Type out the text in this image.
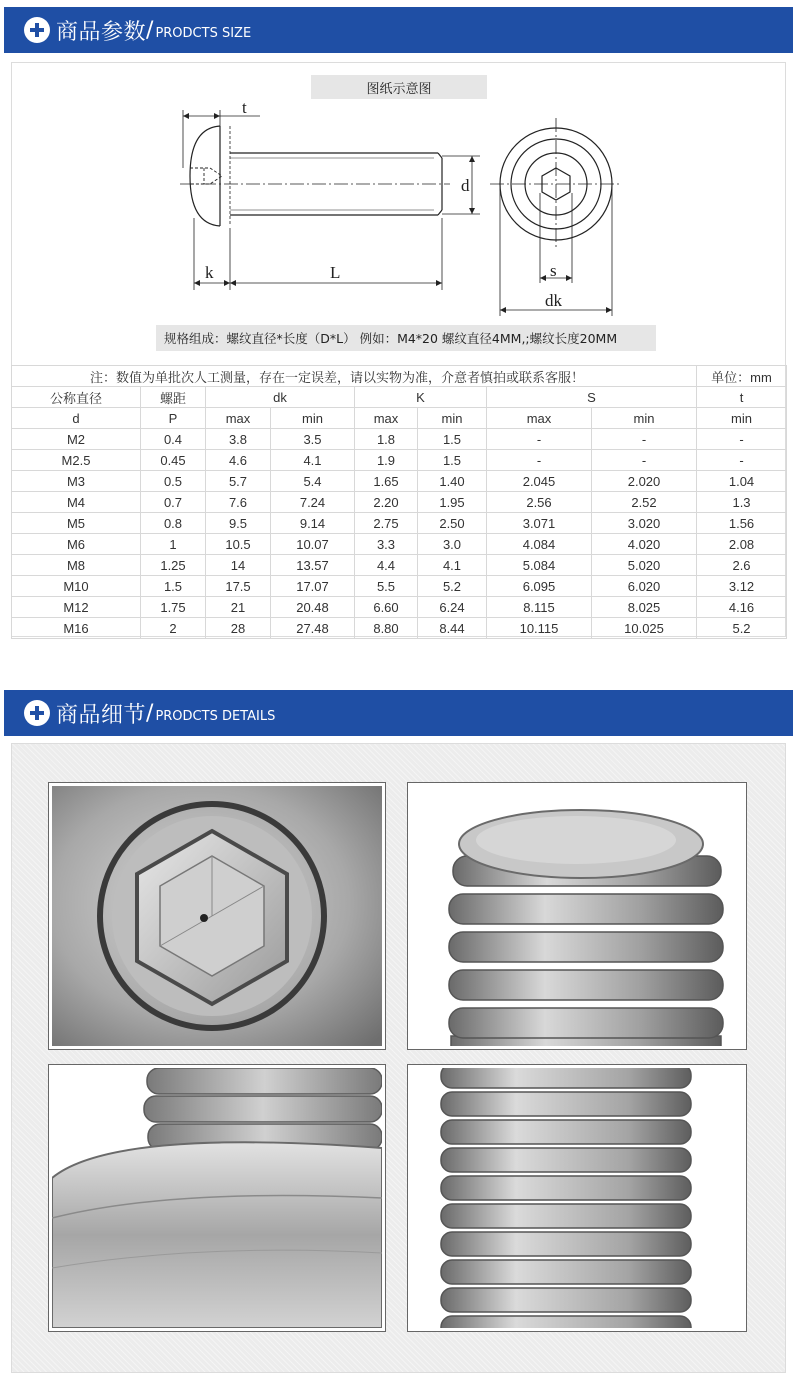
商品参数 / PRODCTS SIZE
图纸示意图
t
d
k	L	s
dk
规格组成：螺纹直径*长度（D*L） 例如：M4*20 螺纹直径4MM,;螺纹长度20MM
注：数值为单批次人工测量，存在一定误差，请以实物为准，介意者慎拍或联系客服！								单位：mm
公称直径	螺距	dk		K		S		t
d	P	max	min	max	min	max	min	min
M2	0.4	3.8	3.5	1.8	1.5	-	-	-
M2.5	0.45	4.6	4.1	1.9	1.5	-	-	-
M3	0.5	5.7	5.4	1.65	1.40	2.045	2.020	1.04
M4	0.7	7.6	7.24	2.20	1.95	2.56	2.52	1.3
M5	0.8	9.5	9.14	2.75	2.50	3.071	3.020	1.56
M6	1	10.5	10.07	3.3	3.0	4.084	4.020	2.08
M8	1.25	14	13.57	4.4	4.1	5.084	5.020	2.6
M10	1.5	17.5	17.07	5.5	5.2	6.095	6.020	3.12
M12	1.75	21	20.48	6.60	6.24	8.115	8.025	4.16
M16	2	28	27.48	8.80	8.44	10.115	10.025	5.2
商品细节 / PRODCTS DETAILS
